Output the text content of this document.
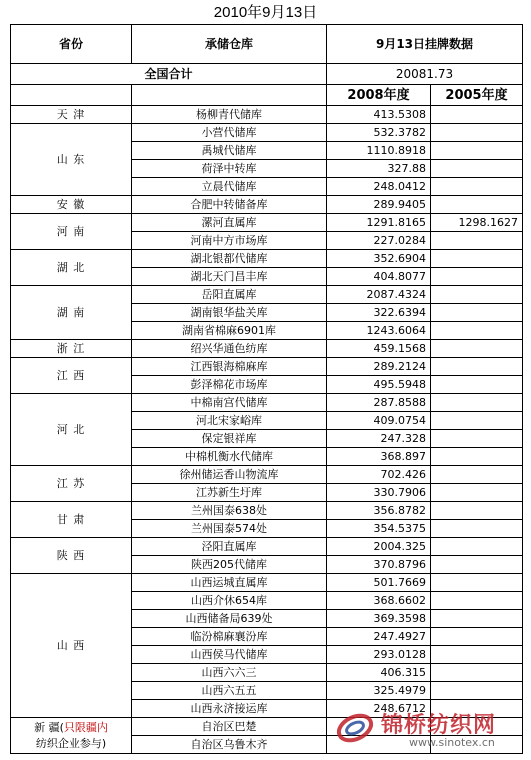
2010年9月13日
省份	承储仓库	9月13日挂牌数据	
全国合计		20081.73	
		2008年度	2005年度
天 津	杨柳青代储库	413.5308	
山 东	小营代储库	532.3782	
	禹城代储库	1110.8918	
	荷泽中转库	327.88	
	立晨代储库	248.0412	
安 徽	合肥中转储备库	289.9405	
河 南	漯河直属库	1291.8165	1298.1627
	河南中方市场库	227.0284	
湖 北	湖北银都代储库	352.6904	
	湖北天门昌丰库	404.8077	
湖 南	岳阳直属库	2087.4324	
	湖南银华盐关库	322.6394	
	湖南省棉麻6901库	1243.6064	
浙 江	绍兴华通色纺库	459.1568	
江 西	江西银海棉麻库	289.2124	
	彭泽棉花市场库	495.5948	
河 北	中棉南宫代储库	287.8588	
	河北宋家峪库	409.0754	
	保定银祥库	247.328	
	中棉机衡水代储库	368.897	
江 苏	徐州储运香山物流库	702.426	
	江苏新生圩库	330.7906	
甘 肃	兰州国泰638处	356.8782	
	兰州国泰574处	354.5375	
陕 西	泾阳直属库	2004.325	
	陕西205代储库	370.8796	
山 西	山西运城直属库	501.7669	
	山西介休654库	368.6602	
	山西储备局639处	369.3598	
	临汾棉麻襄汾库	247.4927	
	山西侯马代储库	293.0128	
	山西六六三	406.315	
	山西六五五	325.4979	
	山西永济接运库	248.6712	
新 疆(只限疆内
纺织企业参与)	自治区巴楚		
	自治区乌鲁木齐		
锦桥纺织网
www.sinotex.cn
